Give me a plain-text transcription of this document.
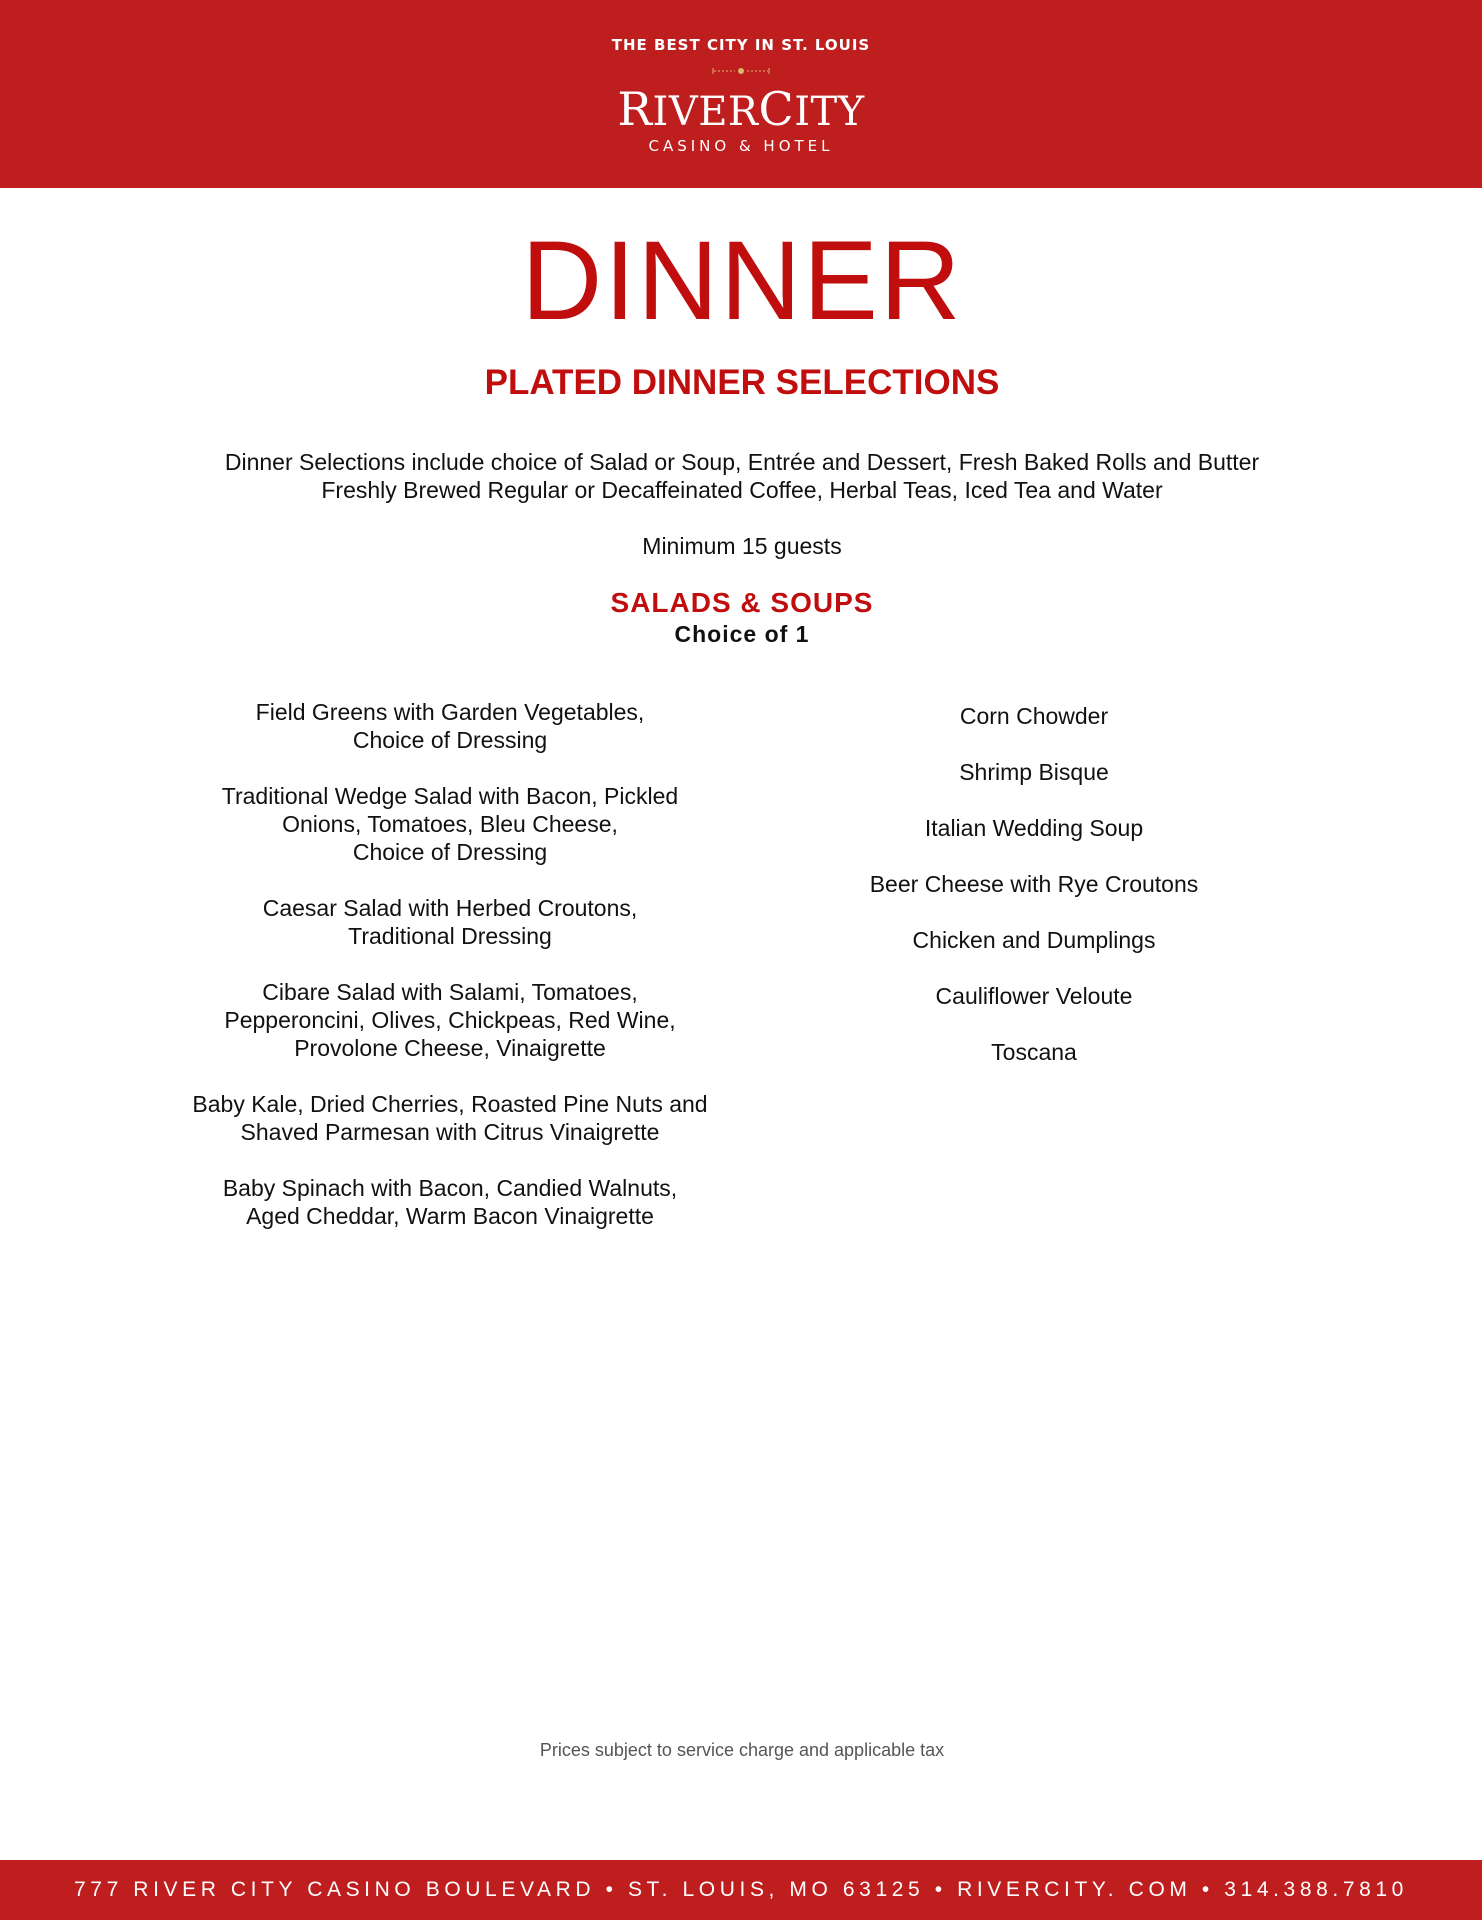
THE BEST CITY IN ST. LOUIS
RIVERCITY
CASINO & HOTEL
DINNER
PLATED DINNER SELECTIONS

Dinner Selections include choice of Salad or Soup, Entrée and Dessert, Fresh Baked Rolls and Butter

Freshly Brewed Regular or Decaffeinated Coffee, Herbal Teas, Iced Tea and Water

Minimum 15 guests
SALADS & SOUPS
Choice of 1
Field Greens with Garden Vegetables,
Choice of Dressing
Traditional Wedge Salad with Bacon, Pickled
Onions, Tomatoes, Bleu Cheese,
Choice of Dressing
Caesar Salad with Herbed Croutons,
Traditional Dressing
Cibare Salad with Salami, Tomatoes,
Pepperoncini, Olives, Chickpeas, Red Wine,
Provolone Cheese, Vinaigrette
Baby Kale, Dried Cherries, Roasted Pine Nuts and
Shaved Parmesan with Citrus Vinaigrette
Baby Spinach with Bacon, Candied Walnuts,
Aged Cheddar, Warm Bacon Vinaigrette
Corn Chowder
Shrimp Bisque
Italian Wedding Soup
Beer Cheese with Rye Croutons
Chicken and Dumplings
Cauliflower Veloute
Toscana
Prices subject to service charge and applicable tax
777 RIVER CITY CASINO BOULEVARD • ST. LOUIS, MO 63125 • RIVERCITY. COM • 314.388.7810
